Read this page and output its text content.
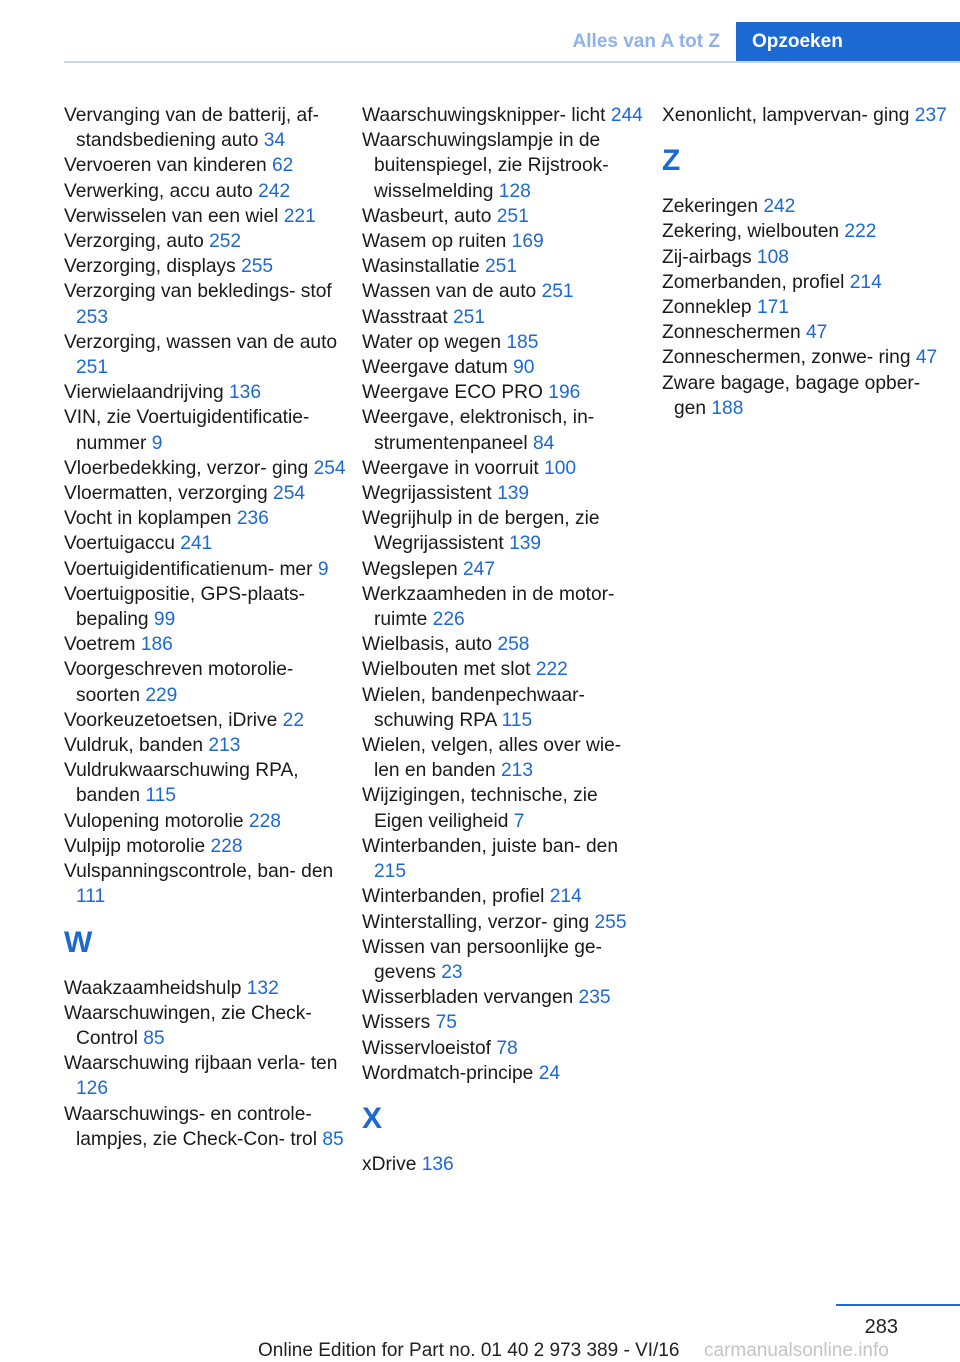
Alles van A tot Z	Opzoeken
Vervanging van de batterij, af- standsbediening auto 34
Vervoeren van kinderen 62
Verwerking, accu auto 242
Verwisselen van een wiel 221
Verzorging, auto 252
Verzorging, displays 255
Verzorging van bekledings- stof 253
Verzorging, wassen van de auto 251
Vierwielaandrijving 136
VIN, zie Voertuigidentificatie- nummer 9
Vloerbedekking, verzor- ging 254
Vloermatten, verzorging 254
Vocht in koplampen 236
Voertuigaccu 241
Voertuigidentificatienum- mer 9
Voertuigpositie, GPS-plaats- bepaling 99
Voetrem 186
Voorgeschreven motorolie- soorten 229
Voorkeuzetoetsen, iDrive 22
Vuldruk, banden 213
Vuldrukwaarschuwing RPA, banden 115
Vulopening motorolie 228
Vulpijp motorolie 228
Vulspanningscontrole, ban- den 111
W
Waakzaamheidshulp 132
Waarschuwingen, zie Check- Control 85
Waarschuwing rijbaan verla- ten 126
Waarschuwings- en controle- lampjes, zie Check-Con- trol 85
Waarschuwingsknipper- licht 244
Waarschuwingslampje in de buitenspiegel, zie Rijstrook- wisselmelding 128
Wasbeurt, auto 251
Wasem op ruiten 169
Wasinstallatie 251
Wassen van de auto 251
Wasstraat 251
Water op wegen 185
Weergave datum 90
Weergave ECO PRO 196
Weergave, elektronisch, in- strumentenpaneel 84
Weergave in voorruit 100
Wegrijassistent 139
Wegrijhulp in de bergen, zie Wegrijassistent 139
Wegslepen 247
Werkzaamheden in de motor- ruimte 226
Wielbasis, auto 258
Wielbouten met slot 222
Wielen, bandenpechwaar- schuwing RPA 115
Wielen, velgen, alles over wie- len en banden 213
Wijzigingen, technische, zie Eigen veiligheid 7
Winterbanden, juiste ban- den 215
Winterbanden, profiel 214
Winterstalling, verzor- ging 255
Wissen van persoonlijke ge- gevens 23
Wisserbladen vervangen 235
Wissers 75
Wisservloeistof 78
Wordmatch-principe 24
X
xDrive 136
Xenonlicht, lampvervan- ging 237
Z
Zekeringen 242
Zekering, wielbouten 222
Zij-airbags 108
Zomerbanden, profiel 214
Zonneklep 171
Zonneschermen 47
Zonneschermen, zonwe- ring 47
Zware bagage, bagage opber- gen 188
283
Online Edition for Part no. 01 40 2 973 389 - VI/16 carmanualsonline.info
